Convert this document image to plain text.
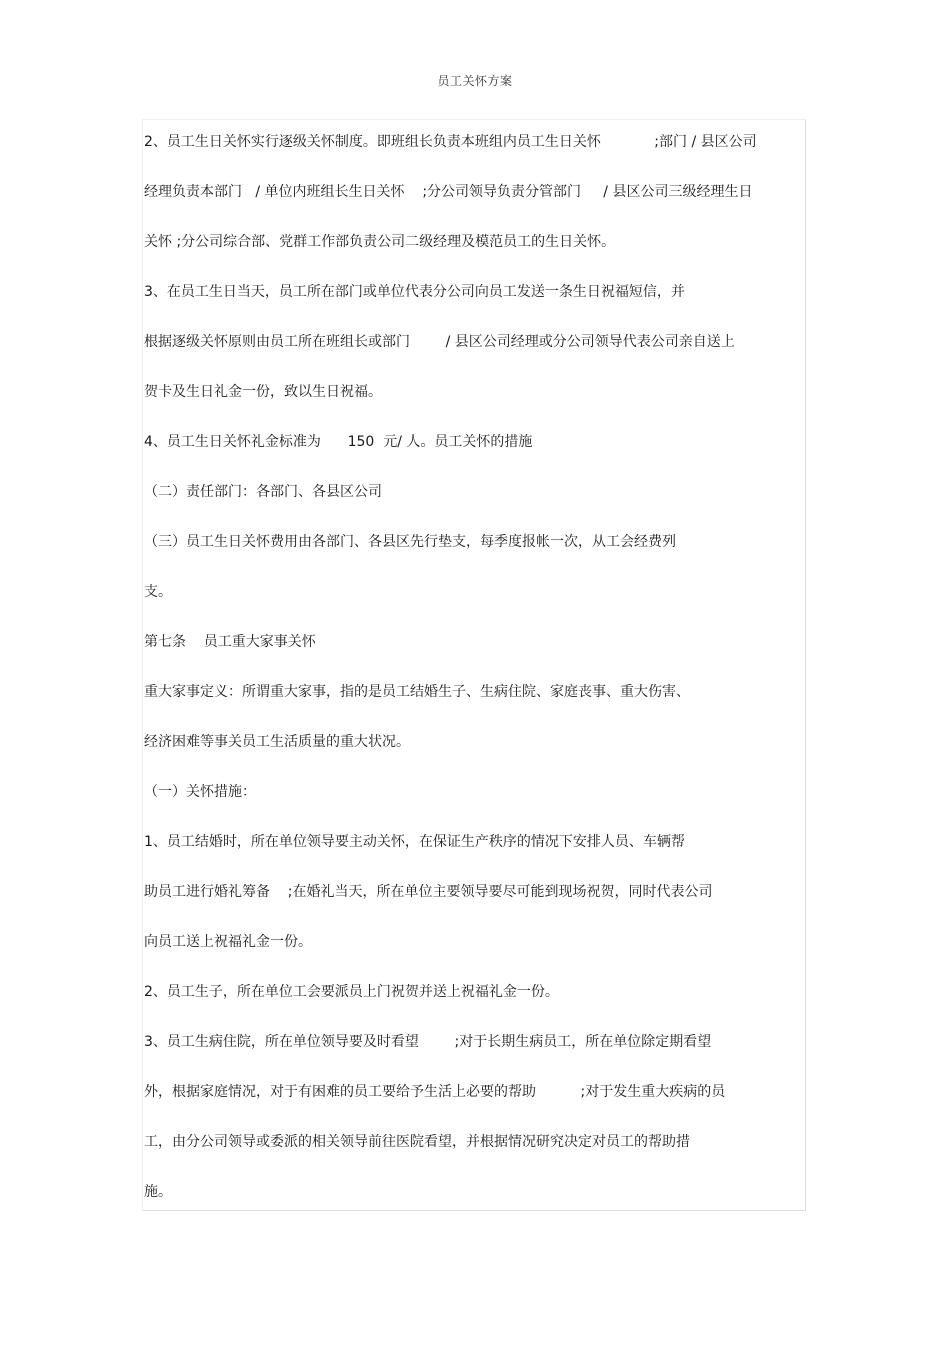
员工关怀方案
2、员工生日关怀实行逐级关怀制度。即班组长负责本班组内员工生日关怀            ;部门 / 县区公司
经理负责本部门   / 单位内班组长生日关怀    ;分公司领导负责分管部门     / 县区公司三级经理生日
关怀 ;分公司综合部、党群工作部负责公司二级经理及模范员工的生日关怀。
3、在员工生日当天，员工所在部门或单位代表分公司向员工发送一条生日祝福短信，并
根据逐级关怀原则由员工所在班组长或部门        / 县区公司经理或分公司领导代表公司亲自送上
贺卡及生日礼金一份，致以生日祝福。
4、员工生日关怀礼金标准为      150  元/ 人。员工关怀的措施
（二）责任部门：各部门、各县区公司
（三）员工生日关怀费用由各部门、各县区先行垫支，每季度报帐一次，从工会经费列
支。
第七条    员工重大家事关怀
重大家事定义：所谓重大家事，指的是员工结婚生子、生病住院、家庭丧事、重大伤害、
经济困难等事关员工生活质量的重大状况。
（一）关怀措施：
1、员工结婚时，所在单位领导要主动关怀，在保证生产秩序的情况下安排人员、车辆帮
助员工进行婚礼筹备    ;在婚礼当天，所在单位主要领导要尽可能到现场祝贺，同时代表公司
向员工送上祝福礼金一份。
2、员工生子，所在单位工会要派员上门祝贺并送上祝福礼金一份。
3、员工生病住院，所在单位领导要及时看望        ;对于长期生病员工，所在单位除定期看望
外，根据家庭情况，对于有困难的员工要给予生活上必要的帮助          ;对于发生重大疾病的员
工，由分公司领导或委派的相关领导前往医院看望，并根据情况研究决定对员工的帮助措
施。
